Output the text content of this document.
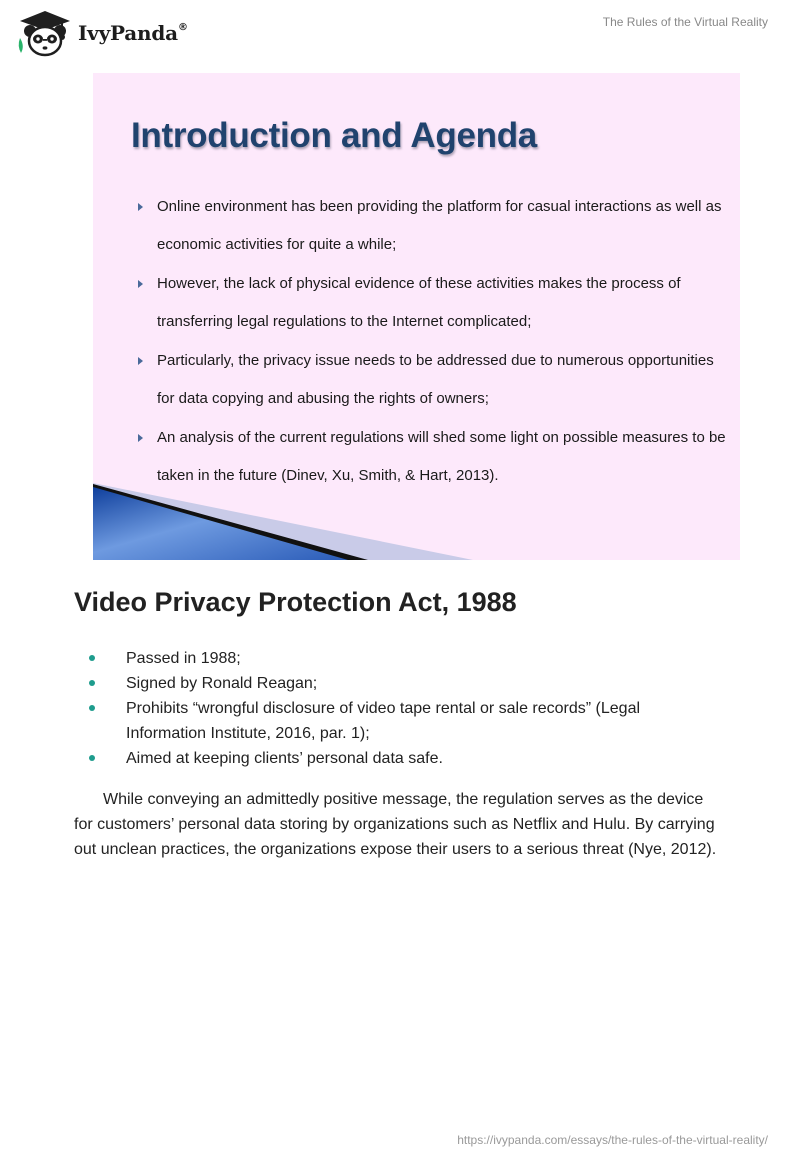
IvyPanda®	The Rules of the Virtual Reality
Introduction and Agenda
Online environment has been providing the platform for casual interactions as well as economic activities for quite a while;
However, the lack of physical evidence of these activities makes the process of transferring legal regulations to the Internet complicated;
Particularly, the privacy issue needs to be addressed due to numerous opportunities for data copying and abusing the rights of owners;
An analysis of the current regulations will shed some light on possible measures to be taken in the future (Dinev, Xu, Smith, & Hart, 2013).
Video Privacy Protection Act, 1988
Passed in 1988;
Signed by Ronald Reagan;
Prohibits “wrongful disclosure of video tape rental or sale records” (Legal Information Institute, 2016, par. 1);
Aimed at keeping clients’ personal data safe.

While conveying an admittedly positive message, the regulation serves as the device for customers’ personal data storing by organizations such as Netflix and Hulu. By carrying out unclean practices, the organizations expose their users to a serious threat (Nye, 2012).

https://ivypanda.com/essays/the-rules-of-the-virtual-reality/
